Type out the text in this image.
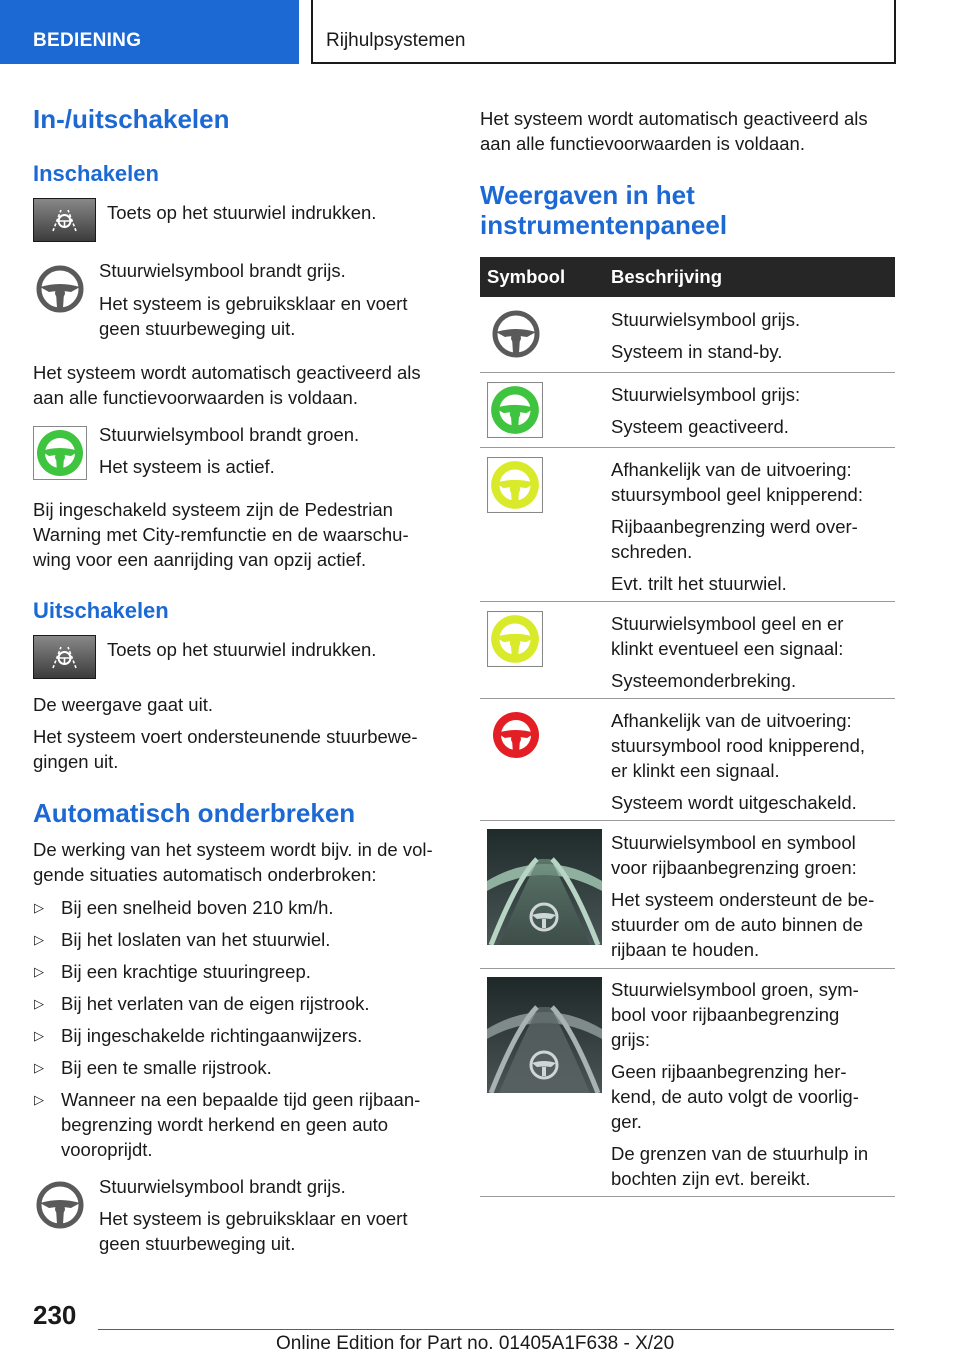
BEDIENING	Rijhulpsystemen
In-/uitschakelen
Inschakelen
Toets op het stuurwiel indrukken.
Stuurwielsymbool brandt grijs.
Het systeem is gebruiksklaar en voert
geen stuurbeweging uit.
Het systeem wordt automatisch geactiveerd als
aan alle functievoorwaarden is voldaan.
Stuurwielsymbool brandt groen.
Het systeem is actief.
Bij ingeschakeld systeem zijn de Pedestrian
Warning met City-remfunctie en de waarschu-
wing voor een aanrijding van opzij actief.
Uitschakelen
Toets op het stuurwiel indrukken.
De weergave gaat uit.
Het systeem voert ondersteunende stuurbewe-
gingen uit.
Automatisch onderbreken
De werking van het systeem wordt bijv. in de vol-
gende situaties automatisch onderbroken:
▷ Bij een snelheid boven 210 km/h.
▷ Bij het loslaten van het stuurwiel.
▷ Bij een krachtige stuuringreep.
▷ Bij het verlaten van de eigen rijstrook.
▷ Bij ingeschakelde richtingaanwijzers.
▷ Bij een te smalle rijstrook.
▷ Wanneer na een bepaalde tijd geen rijbaan-
begrenzing wordt herkend en geen auto
vooroprijdt.
Stuurwielsymbool brandt grijs.
Het systeem is gebruiksklaar en voert
geen stuurbeweging uit.
Het systeem wordt automatisch geactiveerd als
aan alle functievoorwaarden is voldaan.
Weergaven in het
instrumentenpaneel
Symbool Beschrijving
Stuurwielsymbool grijs.
Systeem in stand-by.
Stuurwielsymbool grijs:
Systeem geactiveerd.
Afhankelijk van de uitvoering:
stuursymbool geel knipperend:
Rijbaanbegrenzing werd over-
schreden.
Evt. trilt het stuurwiel.
Stuurwielsymbool geel en er
klinkt eventueel een signaal:
Systeemonderbreking.
Afhankelijk van de uitvoering:
stuursymbool rood knipperend,
er klinkt een signaal.
Systeem wordt uitgeschakeld.
Stuurwielsymbool en symbool
voor rijbaanbegrenzing groen:
Het systeem ondersteunt de be-
stuurder om de auto binnen de
rijbaan te houden.
Stuurwielsymbool groen, sym-
bool voor rijbaanbegrenzing
grijs:
Geen rijbaanbegrenzing her-
kend, de auto volgt de voorlig-
ger.
De grenzen van de stuurhulp in
bochten zijn evt. bereikt.
230
Online Edition for Part no. 01405A1F638 - X/20
